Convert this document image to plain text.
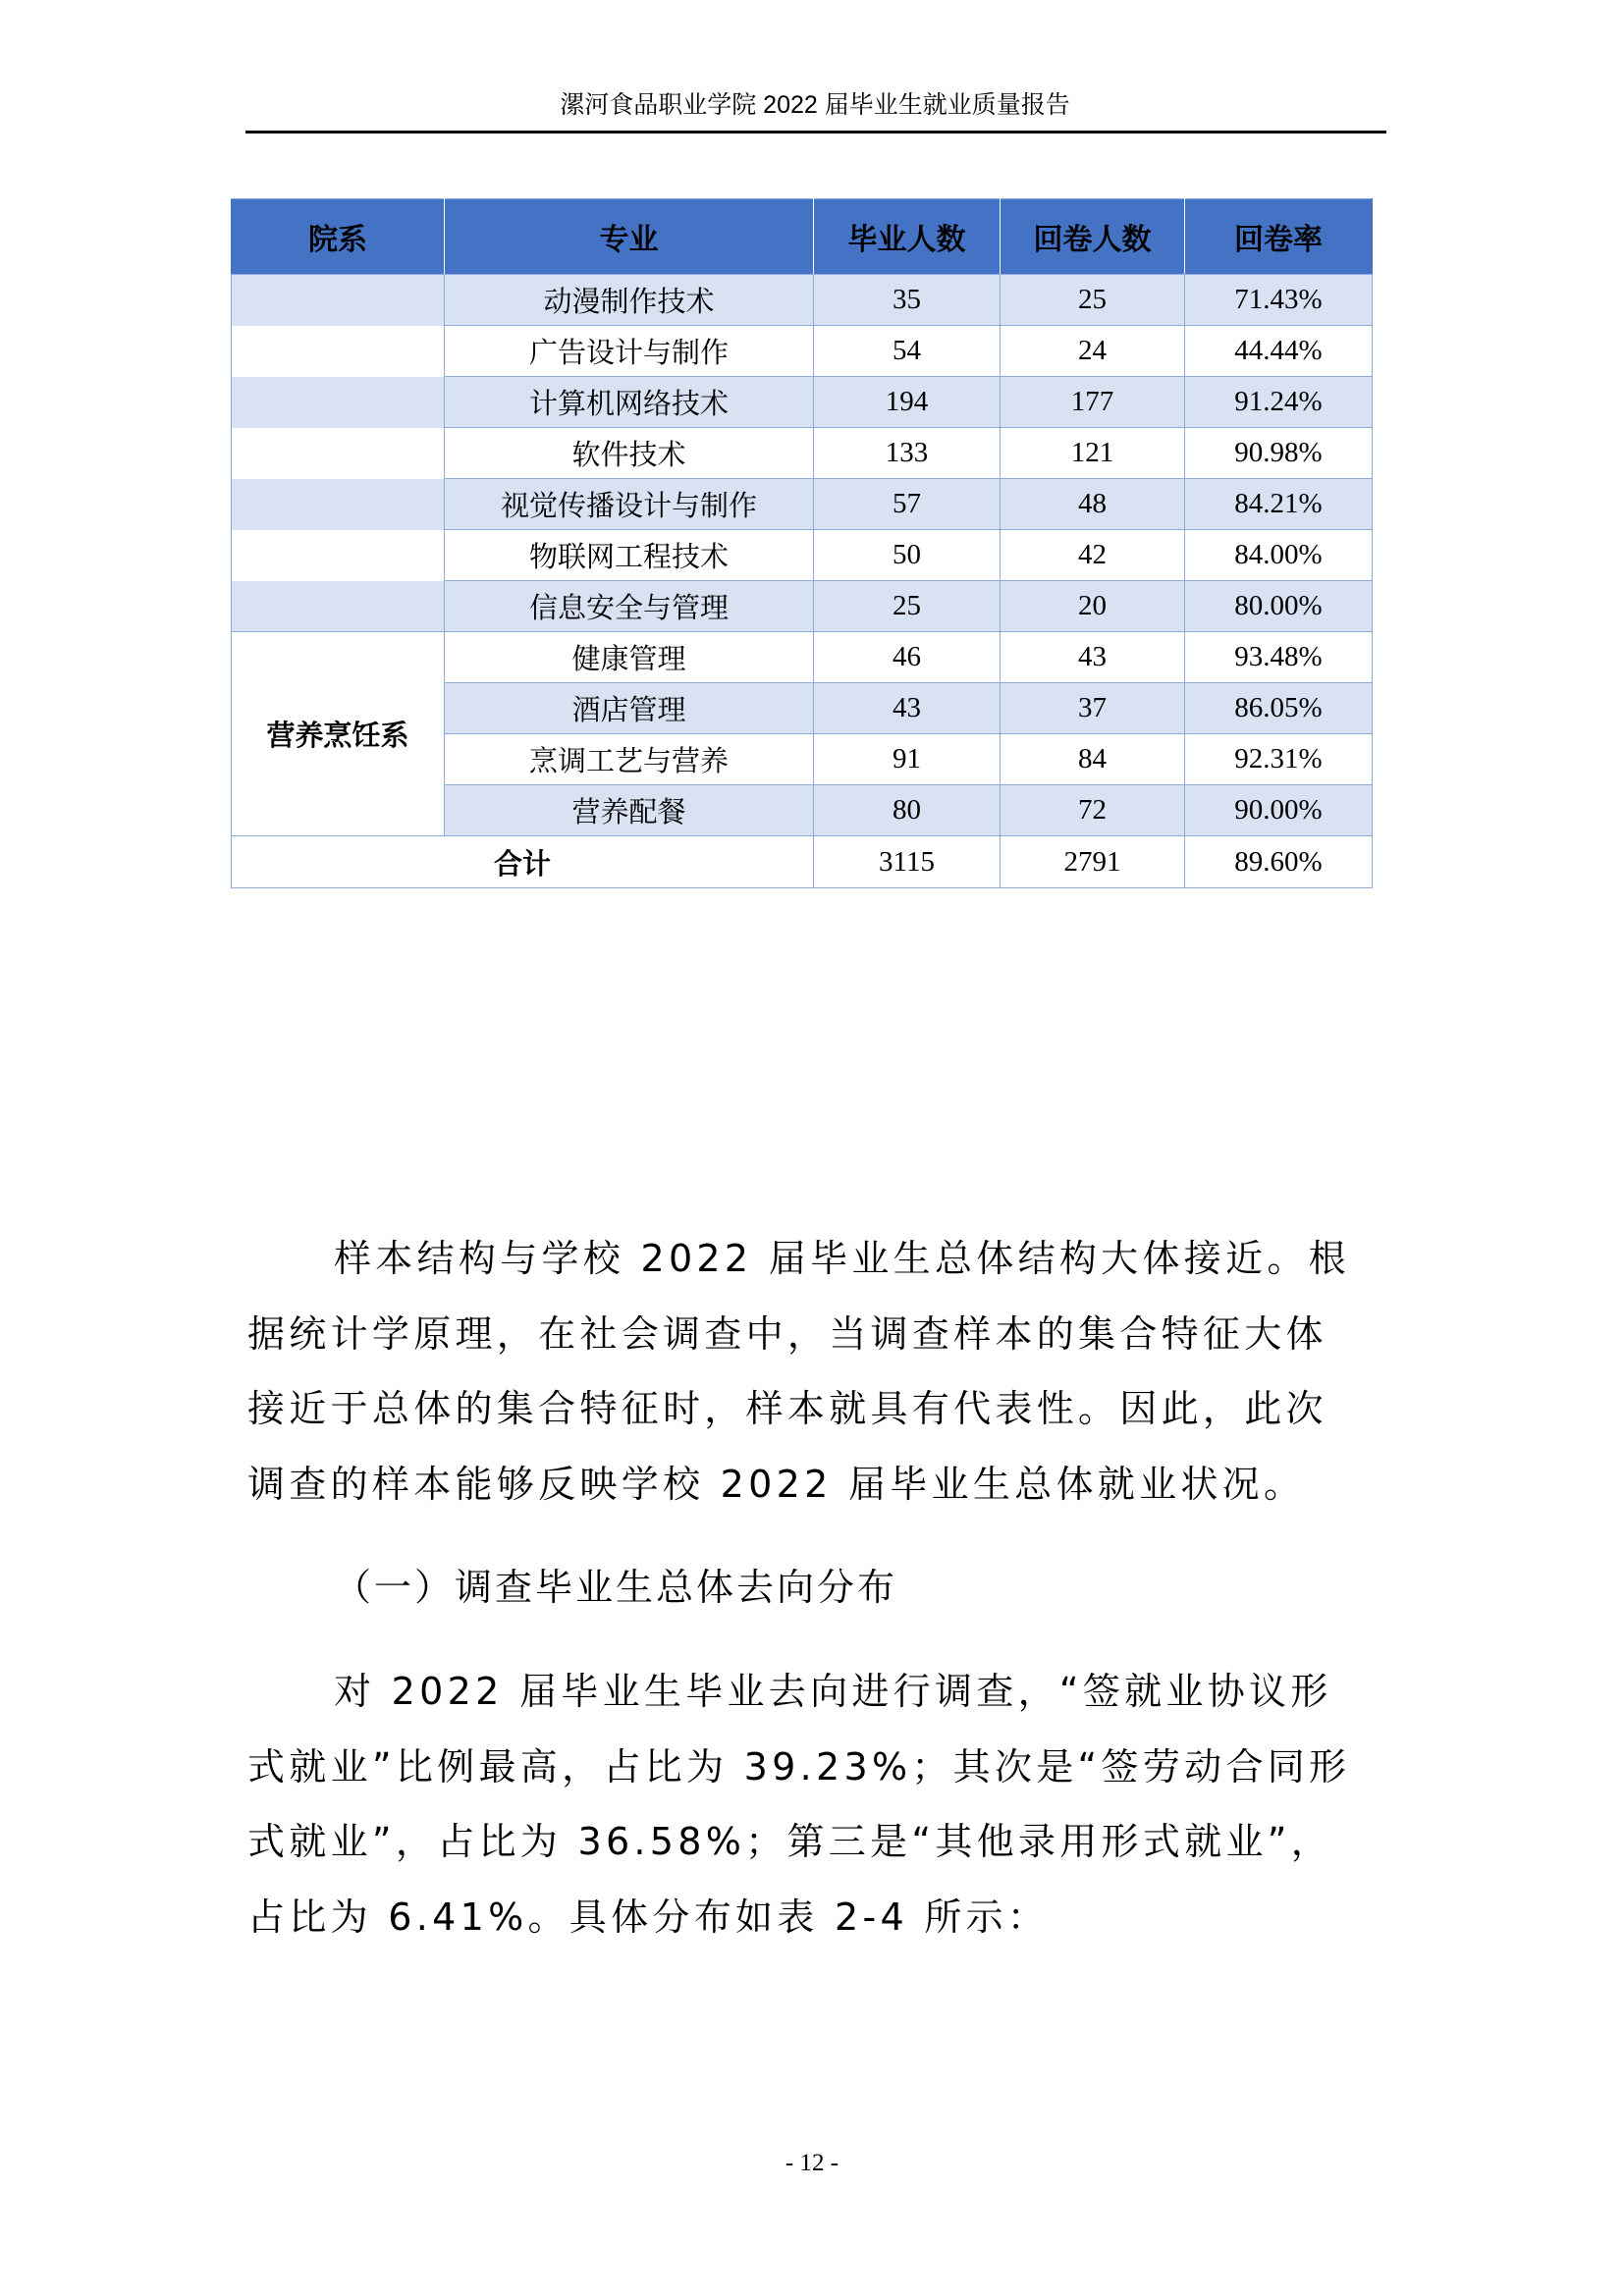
漯河食品职业学院 2022 届毕业生就业质量报告
院系	专业	毕业人数	回卷人数	回卷率
	动漫制作技术	35	25	71.43%
	广告设计与制作	54	24	44.44%
	计算机网络技术	194	177	91.24%
	软件技术	133	121	90.98%
	视觉传播设计与制作	57	48	84.21%
	物联网工程技术	50	42	84.00%
	信息安全与管理	25	20	80.00%
营养烹饪系	健康管理	46	43	93.48%
	酒店管理	43	37	86.05%
	烹调工艺与营养	91	84	92.31%
	营养配餐	80	72	90.00%
合计		3115	2791	89.60%
样本结构与学校 2022 届毕业生总体结构大体接近。根
据统计学原理，在社会调查中，当调查样本的集合特征大体
接近于总体的集合特征时，样本就具有代表性。因此，此次
调查的样本能够反映学校 2022 届毕业生总体就业状况。
（一）调查毕业生总体去向分布
对 2022 届毕业生毕业去向进行调查，“签就业协议形
式就业”比例最高，占比为 39.23%；其次是“签劳动合同形
式就业”，占比为 36.58%；第三是“其他录用形式就业”，
占比为 6.41%。具体分布如表 2-4 所示：
- 12 -
